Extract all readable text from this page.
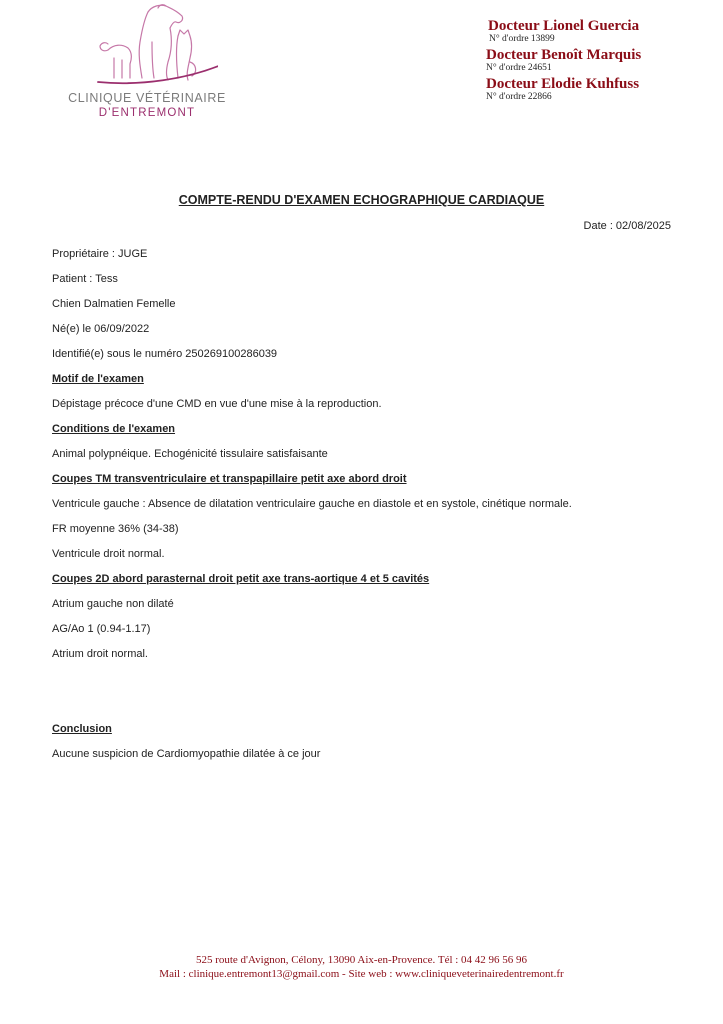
CLINIQUE VÉTÉRINAIRE
D'ENTREMONT
Docteur Lionel Guercia
N° d'ordre 13899
Docteur Benoît Marquis
N° d'ordre 24651
Docteur Elodie Kuhfuss
N° d'ordre 22866
COMPTE-RENDU D'EXAMEN ECHOGRAPHIQUE CARDIAQUE
Date : 02/08/2025
Propriétaire : JUGE
Patient : Tess
Chien Dalmatien Femelle
Né(e) le 06/09/2022
Identifié(e) sous le numéro 250269100286039
Motif de l'examen
Dépistage précoce d'une CMD en vue d'une mise à la reproduction.
Conditions de l'examen
Animal polypnéique. Echogénicité tissulaire satisfaisante
Coupes TM transventriculaire et transpapillaire petit axe abord droit
Ventricule gauche : Absence de dilatation ventriculaire gauche en diastole et en systole, cinétique normale.
FR moyenne 36% (34-38)
Ventricule droit normal.
Coupes 2D abord parasternal droit petit axe trans-aortique 4 et 5 cavités
Atrium gauche non dilaté
AG/Ao 1 (0.94-1.17)
Atrium droit normal.
Conclusion
Aucune suspicion de Cardiomyopathie dilatée à ce jour
525 route d'Avignon, Célony, 13090 Aix-en-Provence. Tél : 04 42 96 56 96
Mail : clinique.entremont13@gmail.com - Site web : www.cliniqueveterinairedentremont.fr
